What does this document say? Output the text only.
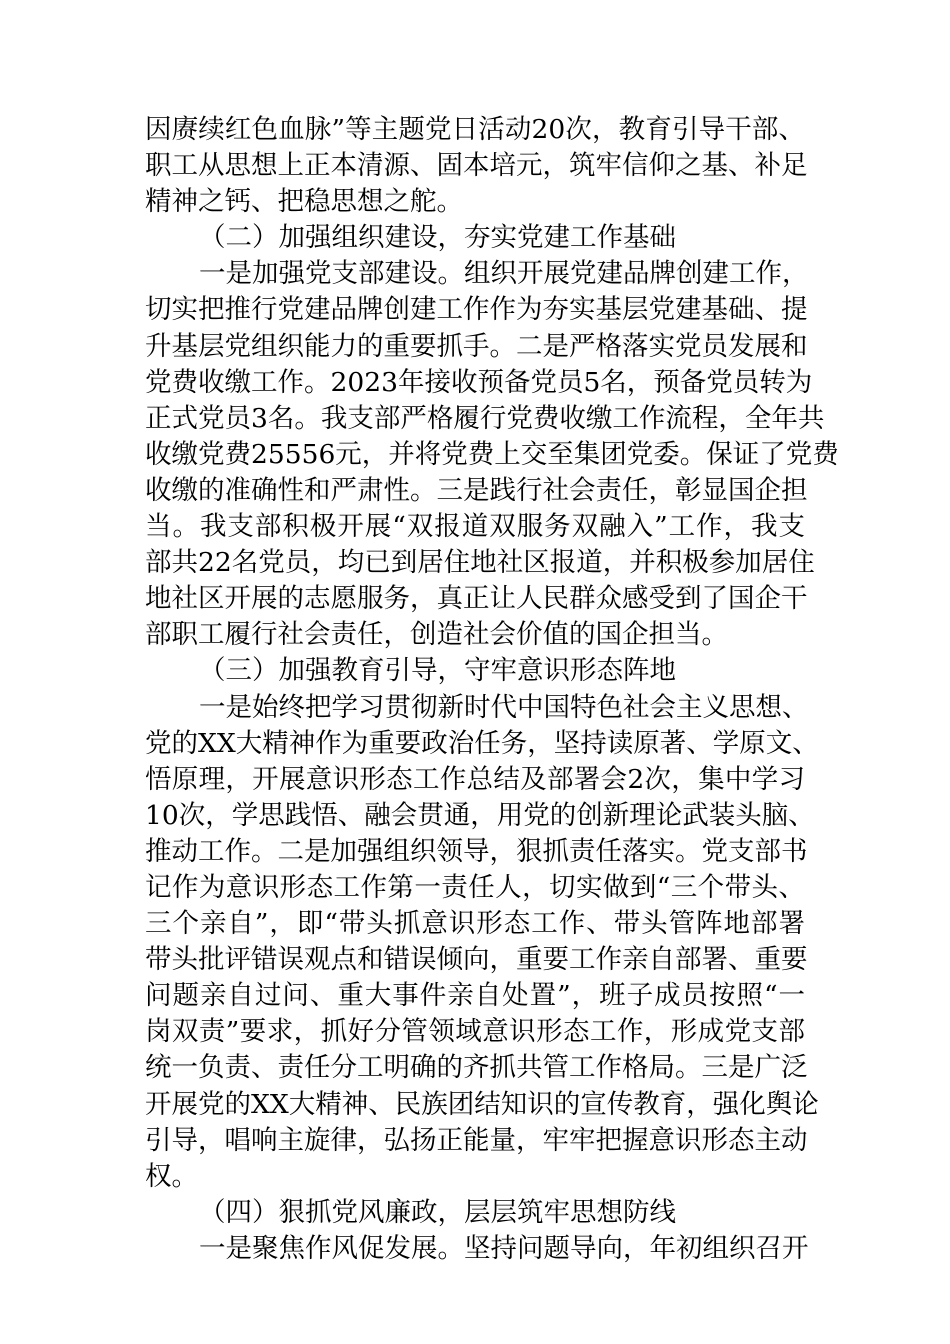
因赓续红色血脉”等主题党日活动20次，教育引导干部、
职工从思想上正本清源、固本培元，筑牢信仰之基、补足
精神之钙、把稳思想之舵。
（二）加强组织建设，夯实党建工作基础
一是加强党支部建设。组织开展党建品牌创建工作，
切实把推行党建品牌创建工作作为夯实基层党建基础、提
升基层党组织能力的重要抓手。二是严格落实党员发展和
党费收缴工作。2023年接收预备党员5名，预备党员转为
正式党员3名。我支部严格履行党费收缴工作流程，全年共
收缴党费25556元，并将党费上交至集团党委。保证了党费
收缴的准确性和严肃性。三是践行社会责任，彰显国企担
当。我支部积极开展“双报道双服务双融入”工作，我支
部共22名党员，均已到居住地社区报道，并积极参加居住
地社区开展的志愿服务，真正让人民群众感受到了国企干
部职工履行社会责任，创造社会价值的国企担当。
（三）加强教育引导，守牢意识形态阵地
一是始终把学习贯彻新时代中国特色社会主义思想、
党的XX大精神作为重要政治任务，坚持读原著、学原文、
悟原理，开展意识形态工作总结及部署会2次，集中学习
10次，学思践悟、融会贯通，用党的创新理论武装头脑、
推动工作。二是加强组织领导，狠抓责任落实。党支部书
记作为意识形态工作第一责任人，切实做到“三个带头、
三个亲自”，即“带头抓意识形态工作、带头管阵地部署
带头批评错误观点和错误倾向，重要工作亲自部署、重要
问题亲自过问、重大事件亲自处置”，班子成员按照“一
岗双责”要求，抓好分管领域意识形态工作，形成党支部
统一负责、责任分工明确的齐抓共管工作格局。三是广泛
开展党的XX大精神、民族团结知识的宣传教育，强化舆论
引导，唱响主旋律，弘扬正能量，牢牢把握意识形态主动
权。
（四）狠抓党风廉政，层层筑牢思想防线
一是聚焦作风促发展。坚持问题导向，年初组织召开
